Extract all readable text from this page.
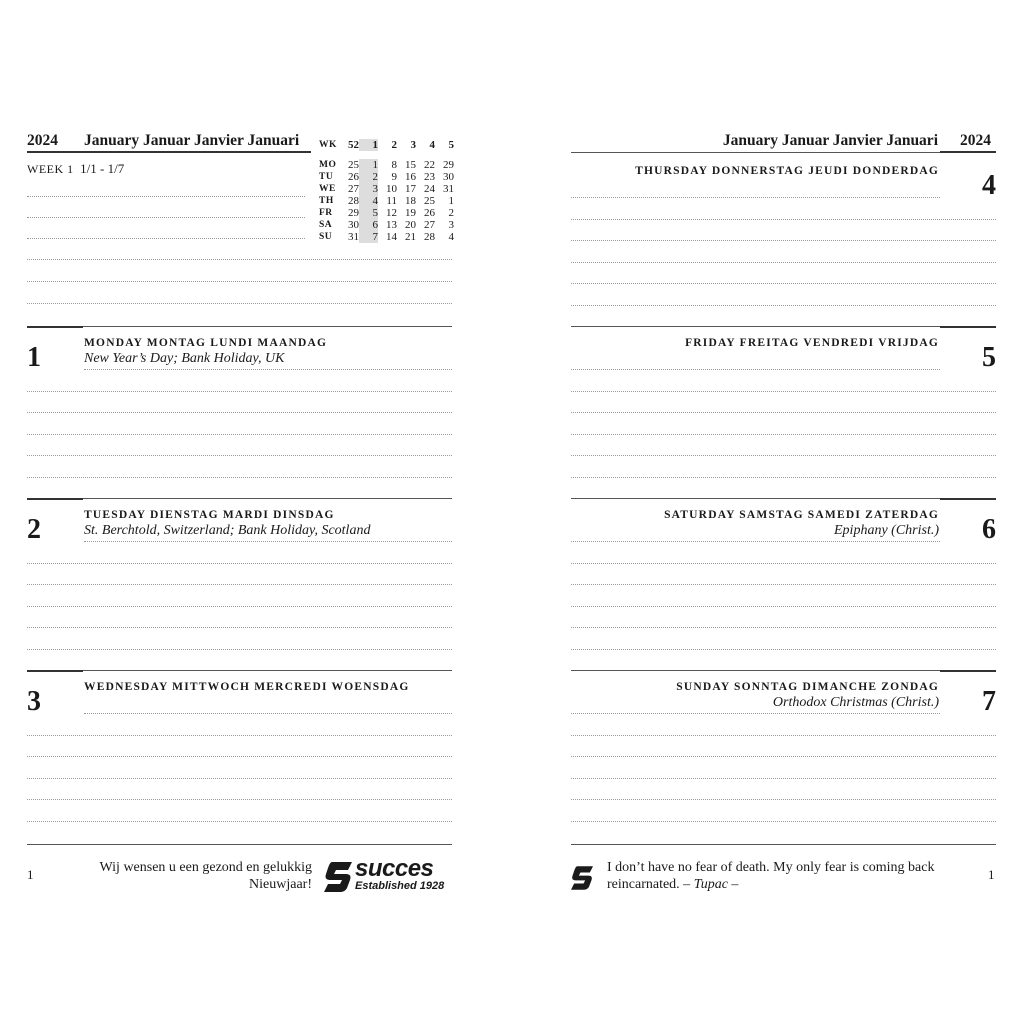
2024 January Januar Janvier Januari
WEEK 1 1/1 - 1/7
WK	52	1	2	3	4	5

MO	25	1	8	15	22	29
TU	26	2	9	16	23	30
WE	27	3	10	17	24	31
TH	28	4	11	18	25	1
FR	29	5	12	19	26	2
SA	30	6	13	20	27	3
SU	31	7	14	21	28	4
MONDAY MONTAG LUNDI MAANDAG
New Year’s Day; Bank Holiday, UK
1
TUESDAY DIENSTAG MARDI DINSDAG
St. Berchtold, Switzerland; Bank Holiday, Scotland
2
WEDNESDAY MITTWOCH MERCREDI WOENSDAG
3
1	Wij wensen u een gezond en gelukkig
Nieuwjaar!
succes
Established 1928
January Januar Janvier Januari 2024
THURSDAY DONNERSTAG JEUDI DONDERDAG 4
FRIDAY FREITAG VENDREDI VRIJDAG 5
SATURDAY SAMSTAG SAMEDI ZATERDAG
Epiphany (Christ.) 6
SUNDAY SONNTAG DIMANCHE ZONDAG
Orthodox Christmas (Christ.) 7
I don’t have no fear of death. My only fear is coming back
reincarnated. – Tupac –
1
